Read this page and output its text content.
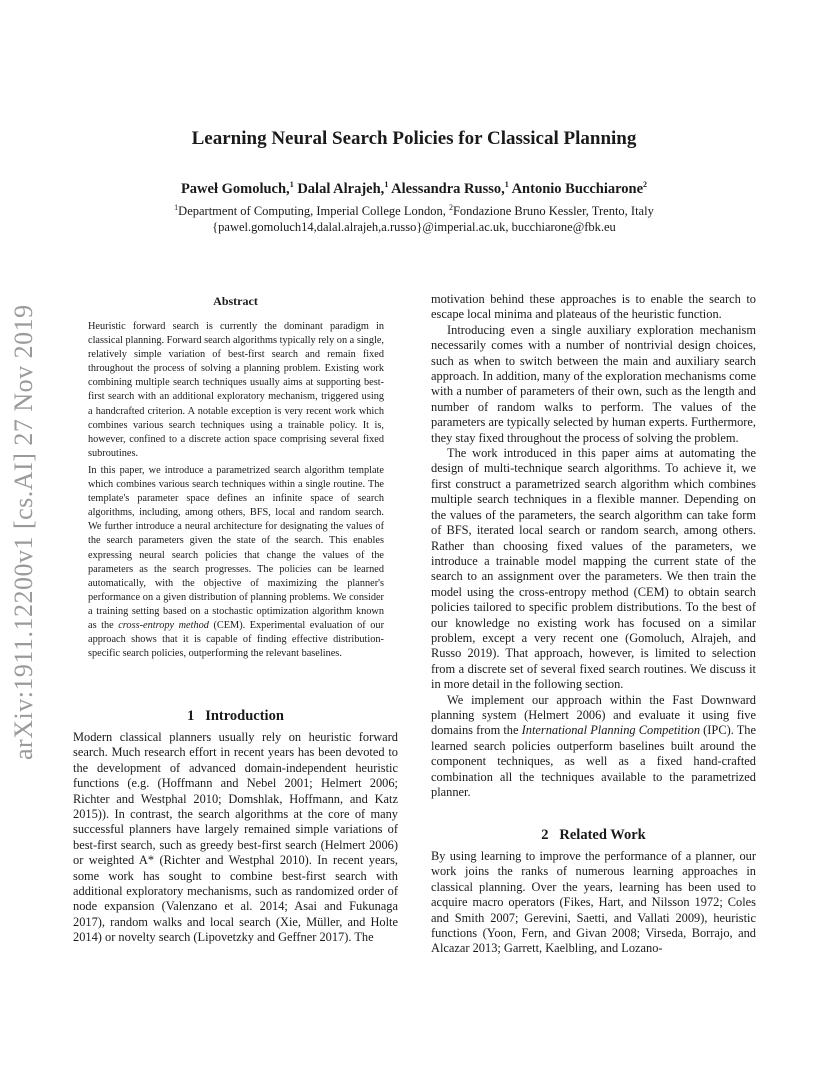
arXiv:1911.12200v1 [cs.AI] 27 Nov 2019
Learning Neural Search Policies for Classical Planning
Paweł Gomoluch,$^1$ Dalal Alrajeh,$^1$ Alessandra Russo,$^1$ Antonio Bucchiarone$^2$
$^1$Department of Computing, Imperial College London, $^2$Fondazione Bruno Kessler, Trento, Italy
{pawel.gomoluch14,dalal.alrajeh,a.russo}@imperial.ac.uk, bucchiarone@fbk.eu
Abstract

Heuristic forward search is currently the dominant paradigm in classical planning. Forward search algorithms typically rely on a single, relatively simple variation of best-first search and remain fixed throughout the process of solving a planning problem. Existing work combining multiple search techniques usually aims at supporting best-first search with an additional exploratory mechanism, triggered using a handcrafted criterion. A notable exception is very recent work which combines various search techniques using a trainable policy. It is, however, confined to a discrete action space comprising several fixed subroutines.

In this paper, we introduce a parametrized search algorithm template which combines various search techniques within a single routine. The template's parameter space defines an infinite space of search algorithms, including, among others, BFS, local and random search. We further introduce a neural architecture for designating the values of the search parameters given the state of the search. This enables expressing neural search policies that change the values of the parameters as the search progresses. The policies can be learned automatically, with the objective of maximizing the planner's performance on a given distribution of planning problems. We consider a training setting based on a stochastic optimization algorithm known as the cross-entropy method (CEM). Experimental evaluation of our approach shows that it is capable of finding effective distribution-specific search policies, outperforming the relevant baselines.

1 Introduction

Modern classical planners usually rely on heuristic forward search. Much research effort in recent years has been devoted to the development of advanced domain-independent heuristic functions (e.g. (Hoffmann and Nebel 2001; Helmert 2006; Richter and Westphal 2010; Domshlak, Hoffmann, and Katz 2015)). In contrast, the search algorithms at the core of many successful planners have largely remained simple variations of best-first search, such as greedy best-first search (Helmert 2006) or weighted A* (Richter and Westphal 2010). In recent years, some work has sought to combine best-first search with additional exploratory mechanisms, such as randomized order of node expansion (Valenzano et al. 2014; Asai and Fukunaga 2017), random walks and local search (Xie, Müller, and Holte 2014) or novelty search (Lipovetzky and Geffner 2017). The

motivation behind these approaches is to enable the search to escape local minima and plateaus of the heuristic function.

Introducing even a single auxiliary exploration mechanism necessarily comes with a number of nontrivial design choices, such as when to switch between the main and auxiliary search approach. In addition, many of the exploration mechanisms come with a number of parameters of their own, such as the length and number of random walks to perform. The values of the parameters are typically selected by human experts. Furthermore, they stay fixed throughout the process of solving the problem.

The work introduced in this paper aims at automating the design of multi-technique search algorithms. To achieve it, we first construct a parametrized search algorithm which combines multiple search techniques in a flexible manner. Depending on the values of the parameters, the search algorithm can take form of BFS, iterated local search or random search, among others. Rather than choosing fixed values of the parameters, we introduce a trainable model mapping the current state of the search to an assignment over the parameters. We then train the model using the cross-entropy method (CEM) to obtain search policies tailored to specific problem distributions. To the best of our knowledge no existing work has focused on a similar problem, except a very recent one (Gomoluch, Alrajeh, and Russo 2019). That approach, however, is limited to selection from a discrete set of several fixed search routines. We discuss it in more detail in the following section.

We implement our approach within the Fast Downward planning system (Helmert 2006) and evaluate it using five domains from the International Planning Competition (IPC). The learned search policies outperform baselines built around the component techniques, as well as a fixed hand-crafted combination all the techniques available to the parametrized planner.

2 Related Work

By using learning to improve the performance of a planner, our work joins the ranks of numerous learning approaches in classical planning. Over the years, learning has been used to acquire macro operators (Fikes, Hart, and Nilsson 1972; Coles and Smith 2007; Gerevini, Saetti, and Vallati 2009), heuristic functions (Yoon, Fern, and Givan 2008; Virseda, Borrajo, and Alcazar 2013; Garrett, Kaelbling, and Lozano-
